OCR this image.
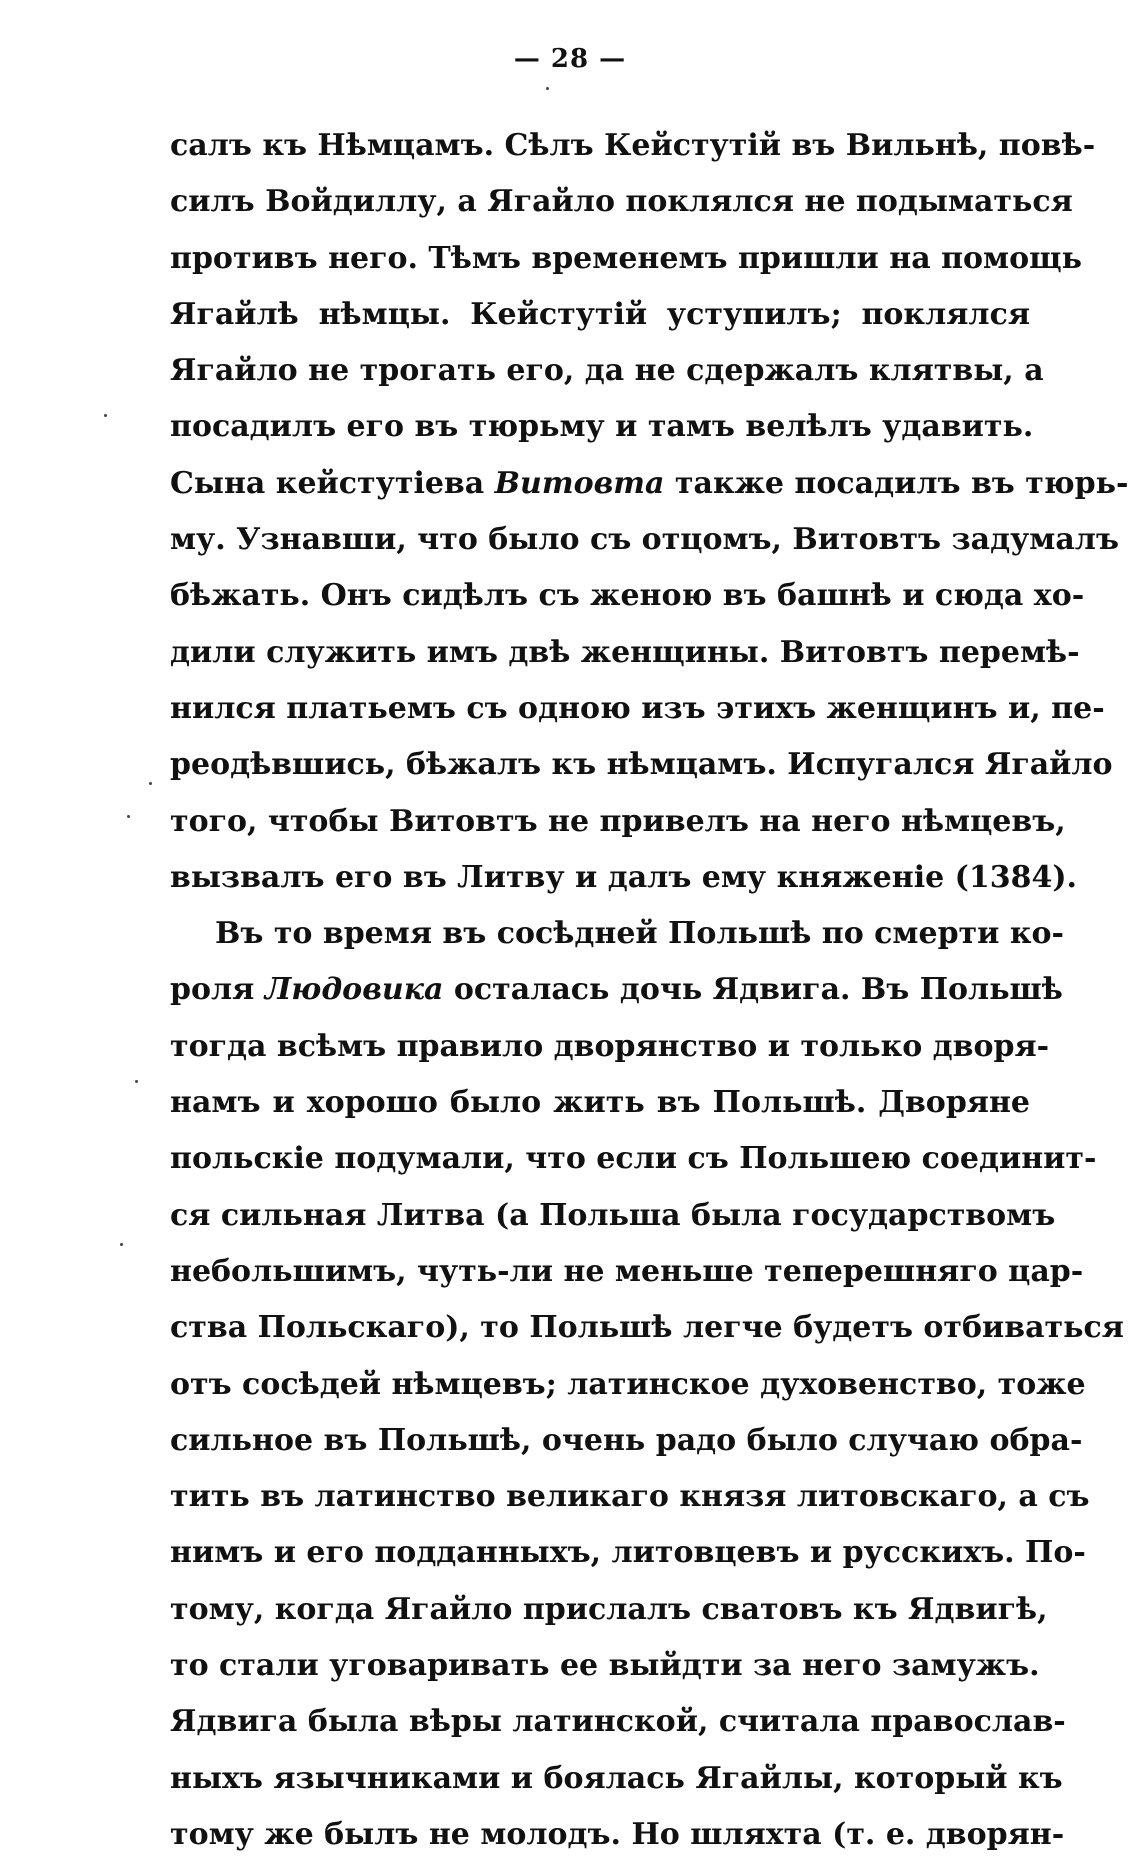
— 28 —
салъ къ Нѣмцамъ. Сѣлъ Кейстутій въ Вильнѣ, повѣ-
силъ Войдиллу, а Ягайло поклялся не подыматься
противъ него. Тѣмъ временемъ пришли на помощь
Ягайлѣ нѣмцы. Кейстутій уступилъ; поклялся
Ягайло не трогать его, да не сдержалъ клятвы, а
посадилъ его въ тюрьму и тамъ велѣлъ удавить.
Сына кейстутіева Витовта также посадилъ въ тюрь-
му. Узнавши, что было съ отцомъ, Витовтъ задумалъ
бѣжать. Онъ сидѣлъ съ женою въ башнѣ и сюда хо-
дили служить имъ двѣ женщины. Витовтъ перемѣ-
нился платьемъ съ одною изъ этихъ женщинъ и, пе-
реодѣвшись, бѣжалъ къ нѣмцамъ. Испугался Ягайло
того, чтобы Витовтъ не привелъ на него нѣмцевъ,
вызвалъ его въ Литву и далъ ему княженіе (1384).
Въ то время въ сосѣдней Польшѣ по смерти ко-
роля Людовика осталась дочь Ядвига. Въ Польшѣ
тогда всѣмъ правило дворянство и только дворя-
намъ и хорошо было жить въ Польшѣ. Дворяне
польскіе подумали, что если съ Польшею соединит-
ся сильная Литва (а Польша была государствомъ
небольшимъ, чуть-ли не меньше теперешняго цар-
ства Польскаго), то Польшѣ легче будетъ отбиваться
отъ сосѣдей нѣмцевъ; латинское духовенство, тоже
сильное въ Польшѣ, очень радо было случаю обра-
тить въ латинство великаго князя литовскаго, а съ
нимъ и его подданныхъ, литовцевъ и русскихъ. По-
тому, когда Ягайло прислалъ сватовъ къ Ядвигѣ,
то стали уговаривать ее выйдти за него замужъ.
Ядвига была вѣры латинской, считала православ-
ныхъ язычниками и боялась Ягайлы, который къ
тому же былъ не молодъ. Но шляхта (т. е. дворян-
